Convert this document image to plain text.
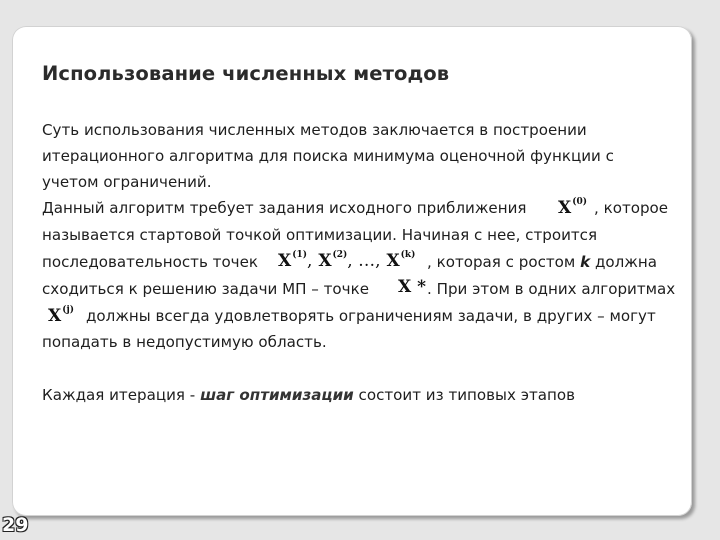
Использование численных методов
Суть использования численных методов заключается в построении
итерационного алгоритма для поиска минимума оценочной функции с
учетом ограничений.
Данный алгоритм требует задания исходного приближения $X^{(0)}$ , которое
называется стартовой точкой оптимизации. Начиная с нее, строится
последовательность точек $X^{(1)}$, $X^{(2)}$, …, $X^{(k)}$ , которая с ростом k должна
сходиться к решению задачи МП – точке X * . При этом в одних алгоритмах
$X^{(j)}$ должны всегда удовлетворять ограничениям задачи, в других – могут
попадать в недопустимую область.
Каждая итерация - шаг оптимизации состоит из типовых этапов
29
